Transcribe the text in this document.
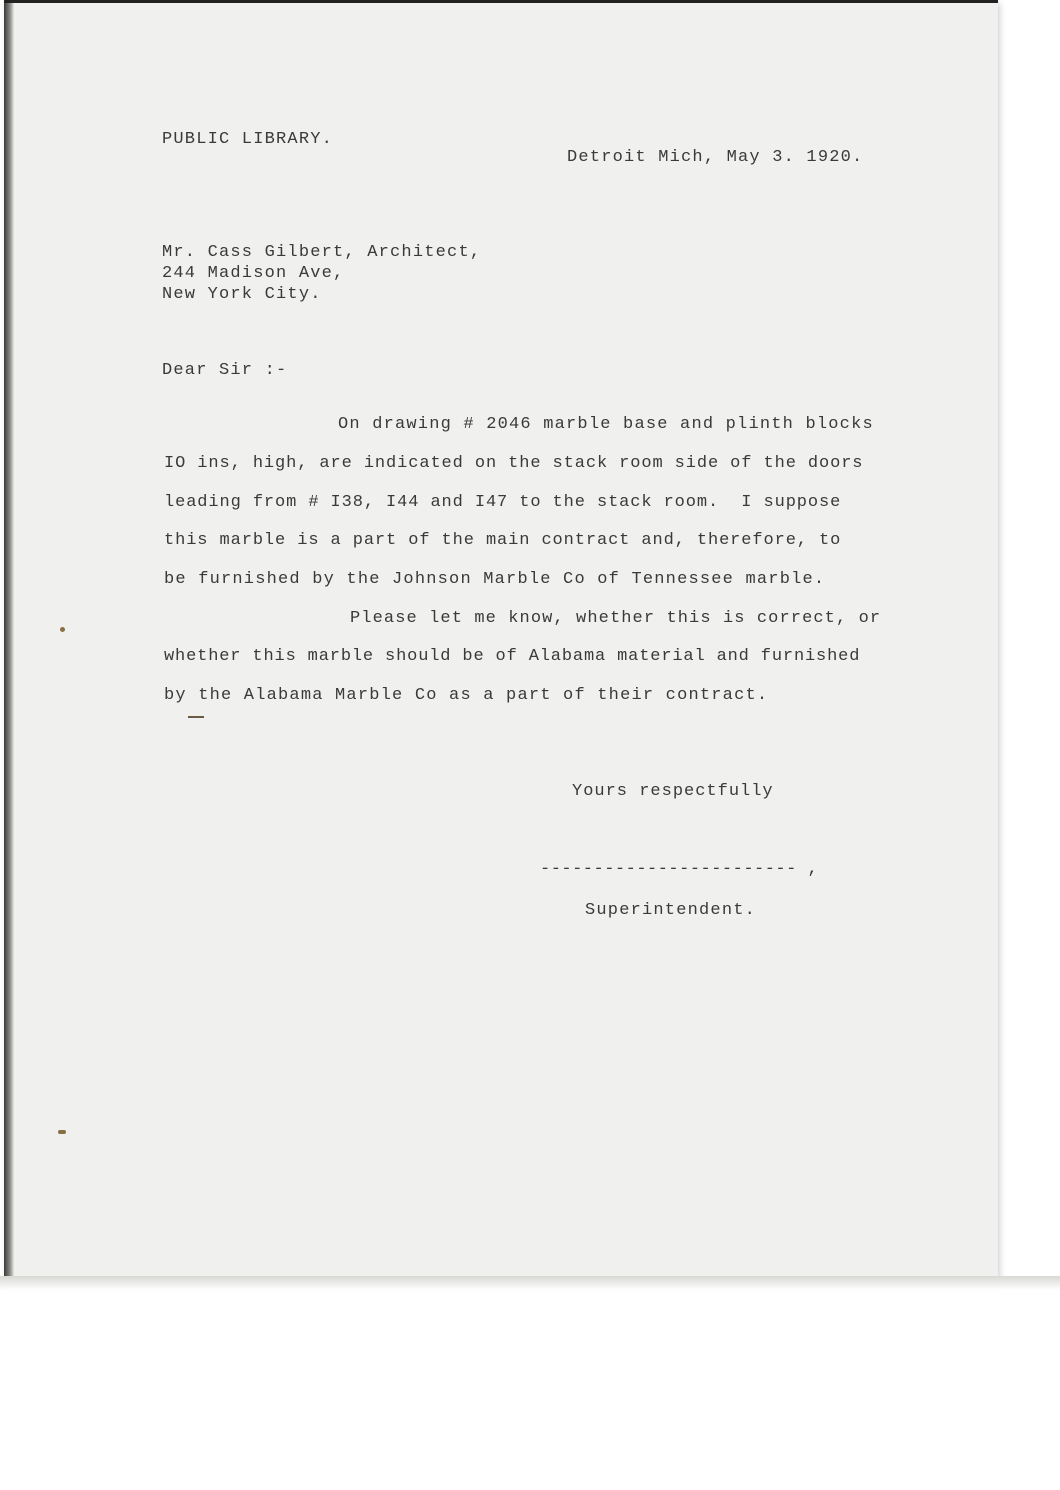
PUBLIC LIBRARY.
Detroit Mich, May 3. 1920.
Mr. Cass Gilbert, Architect,
244 Madison Ave,
New York City.
Dear Sir :-
On drawing # 2046 marble base and plinth blocks
IO ins, high, are indicated on the stack room side of the doors
leading from # I38, I44 and I47 to the stack room.  I suppose
this marble is a part of the main contract and, therefore, to
be furnished by the Johnson Marble Co of Tennessee marble.
Please let me know, whether this is correct, or
whether this marble should be of Alabama material and furnished
by the Alabama Marble Co as a part of their contract.
Yours respectfully
------------------------ ,
Superintendent.
